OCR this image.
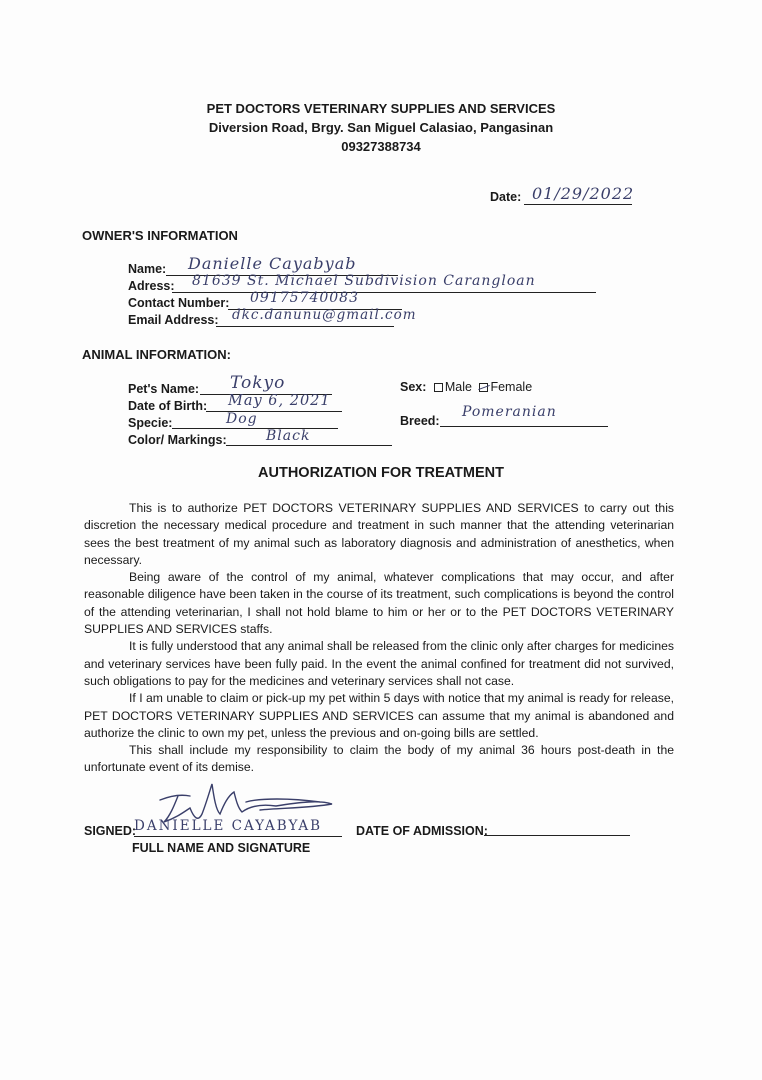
PET DOCTORS VETERINARY SUPPLIES AND SERVICES
Diversion Road, Brgy. San Miguel Calasiao, Pangasinan
09327388734
Date: 01/29/2022
OWNER'S INFORMATION
Name: Danielle Cayabyab
Adress: 81639 St. Michael Subdivision Carangloan
Contact Number: 09175740083
Email Address: dkc.danunu@gmail.com
ANIMAL INFORMATION:
Pet's Name: Tokyo
Date of Birth: May 6, 2021
Specie:	Dog
Color/ Markings:	Black
Sex: Male Female
Breed:
Pomeranian
AUTHORIZATION FOR TREATMENT

This is to authorize PET DOCTORS VETERINARY SUPPLIES AND SERVICES to carry out this discretion the necessary medical procedure and treatment in such manner that the attending veterinarian sees the best treatment of my animal such as laboratory diagnosis and administration of anesthetics, when necessary.

Being aware of the control of my animal, whatever complications that may occur, and after reasonable diligence have been taken in the course of its treatment, such complications is beyond the control of the attending veterinarian, I shall not hold blame to him or her or to the PET DOCTORS VETERINARY SUPPLIES AND SERVICES staffs.

It is fully understood that any animal shall be released from the clinic only after charges for medicines and veterinary services have been fully paid. In the event the animal confined for treatment did not survived, such obligations to pay for the medicines and veterinary services shall not case.

If I am unable to claim or pick-up my pet within 5 days with notice that my animal is ready for release, PET DOCTORS VETERINARY SUPPLIES AND SERVICES can assume that my animal is abandoned and authorize the clinic to own my pet, unless the previous and on-going bills are settled.

This shall include my responsibility to claim the body of my animal 36 hours post-death in the unfortunate event of its demise.

SIGNED:
DANIELLE CAYABYAB
FULL NAME AND SIGNATURE
DATE OF ADMISSION:
